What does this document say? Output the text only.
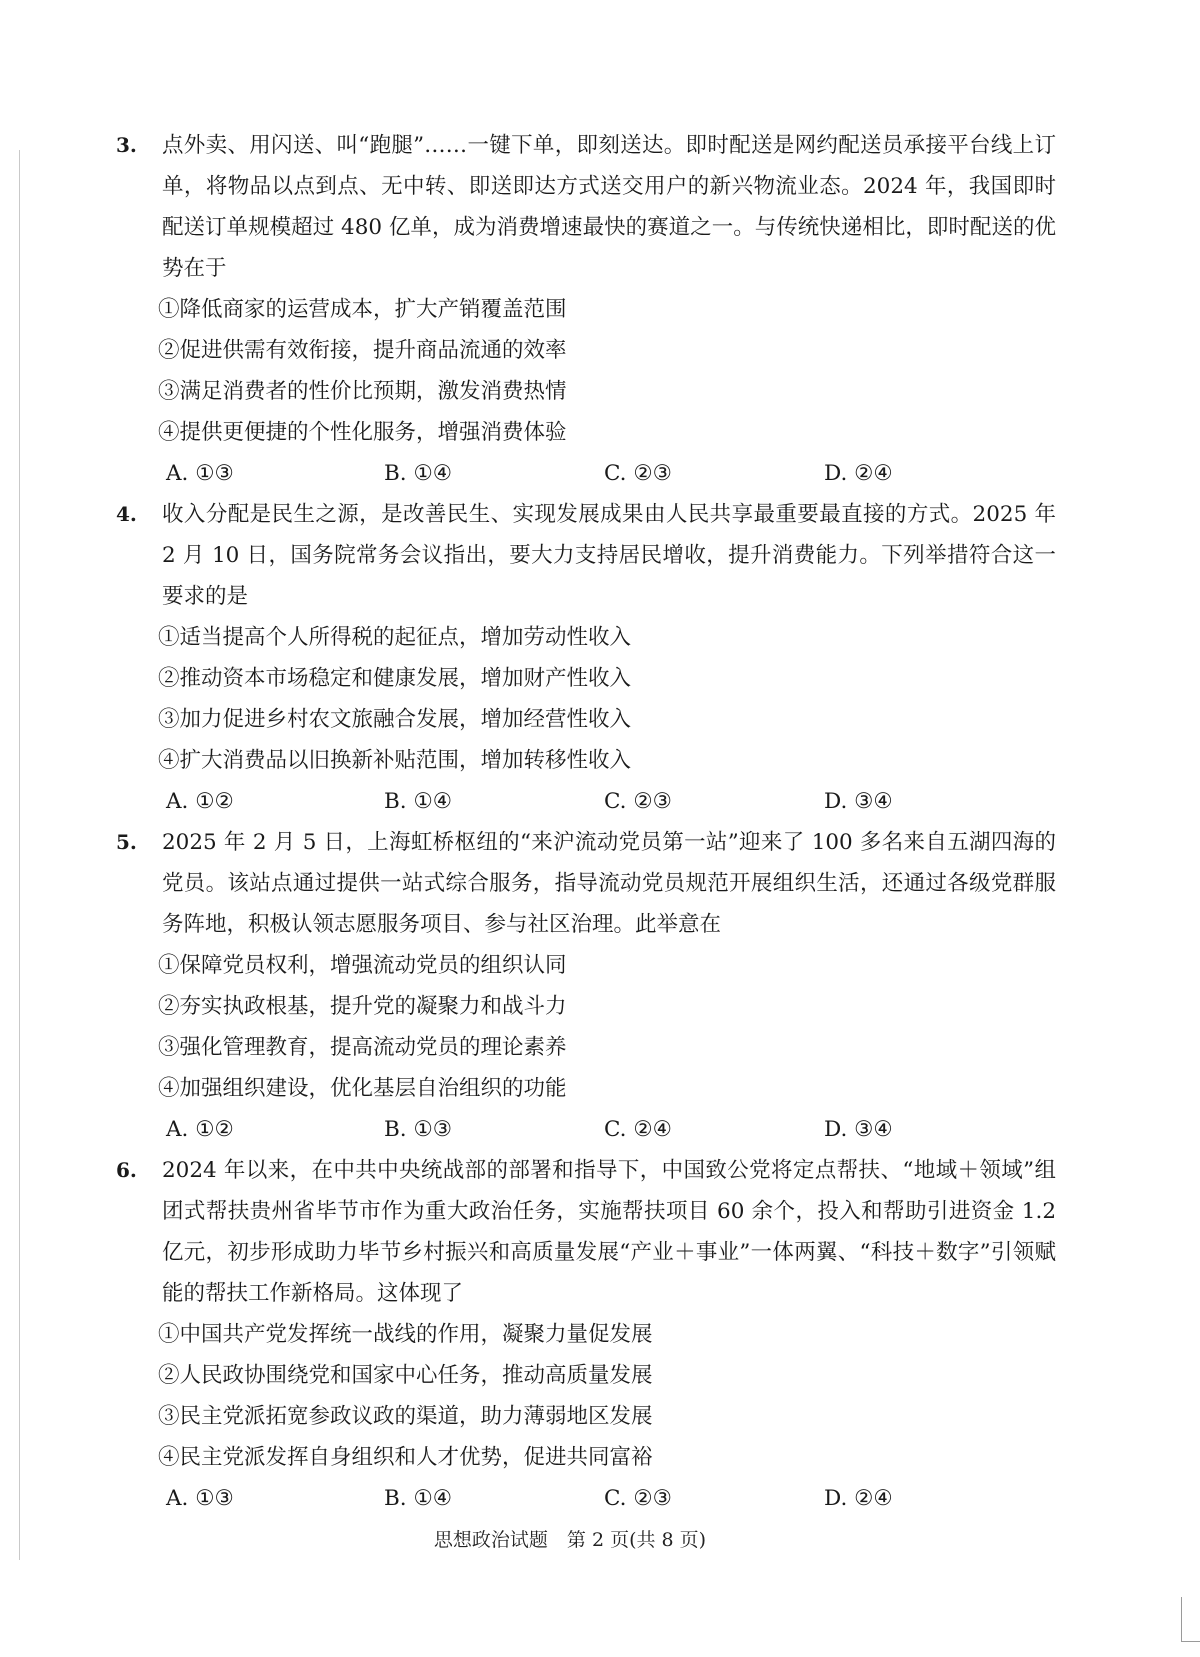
3. 点外卖、用闪送、叫“跑腿”……一键下单，即刻送达。即时配送是网约配送员承接平台线上订单，将物品以点到点、无中转、即送即达方式送交用户的新兴物流业态。2024 年，我国即时配送订单规模超过 480 亿单，成为消费增速最快的赛道之一。与传统快递相比，即时配送的优势在于
①降低商家的运营成本，扩大产销覆盖范围
②促进供需有效衔接，提升商品流通的效率
③满足消费者的性价比预期，激发消费热情
④提供更便捷的个性化服务，增强消费体验
A. ①③	B. ①④	C. ②③	D. ②④
4. 收入分配是民生之源，是改善民生、实现发展成果由人民共享最重要最直接的方式。2025 年 2 月 10 日，国务院常务会议指出，要大力支持居民增收，提升消费能力。下列举措符合这一要求的是
①适当提高个人所得税的起征点，增加劳动性收入
②推动资本市场稳定和健康发展，增加财产性收入
③加力促进乡村农文旅融合发展，增加经营性收入
④扩大消费品以旧换新补贴范围，增加转移性收入
A. ①②	B. ①④	C. ②③	D. ③④
5. 2025 年 2 月 5 日，上海虹桥枢纽的“来沪流动党员第一站”迎来了 100 多名来自五湖四海的党员。该站点通过提供一站式综合服务，指导流动党员规范开展组织生活，还通过各级党群服务阵地，积极认领志愿服务项目、参与社区治理。此举意在
①保障党员权利，增强流动党员的组织认同
②夯实执政根基，提升党的凝聚力和战斗力
③强化管理教育，提高流动党员的理论素养
④加强组织建设，优化基层自治组织的功能
A. ①②	B. ①③	C. ②④	D. ③④
6. 2024 年以来，在中共中央统战部的部署和指导下，中国致公党将定点帮扶、“地域＋领域”组团式帮扶贵州省毕节市作为重大政治任务，实施帮扶项目 60 余个，投入和帮助引进资金 1.2 亿元，初步形成助力毕节乡村振兴和高质量发展“产业＋事业”一体两翼、“科技＋数字”引领赋能的帮扶工作新格局。这体现了
①中国共产党发挥统一战线的作用，凝聚力量促发展
②人民政协围绕党和国家中心任务，推动高质量发展
③民主党派拓宽参政议政的渠道，助力薄弱地区发展
④民主党派发挥自身组织和人才优势，促进共同富裕
A. ①③	B. ①④	C. ②③	D. ②④
思想政治试题　第 2 页(共 8 页)
